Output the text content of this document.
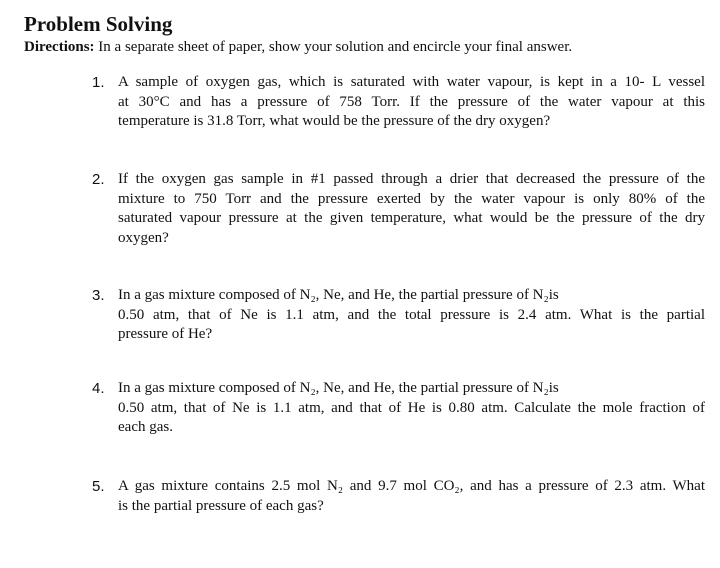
Problem Solving
Directions: In a separate sheet of paper, show your solution and encircle your final answer.
1. A sample of oxygen gas, which is saturated with water vapour, is kept in a 10- L vessel
at 30°C and has a pressure of 758 Torr. If the pressure of the water vapour at this
temperature is 31.8 Torr, what would be the pressure of the dry oxygen?
2. If the oxygen gas sample in #1 passed through a drier that decreased the pressure of the
mixture to 750 Torr and the pressure exerted by the water vapour is only 80% of the
saturated vapour pressure at the given temperature, what would be the pressure of the dry
oxygen?
3. In a gas mixture composed of N₂, Ne, and He, the partial pressure of N₂is
0.50 atm, that of Ne is 1.1 atm, and the total pressure is 2.4 atm. What is the partial
pressure of He?
4. In a gas mixture composed of N₂, Ne, and He, the partial pressure of N₂is
0.50 atm, that of Ne is 1.1 atm, and that of He is 0.80 atm. Calculate the mole fraction of
each gas.
5. A gas mixture contains 2.5 mol N₂ and 9.7 mol CO₂, and has a pressure of 2.3 atm. What
is the partial pressure of each gas?
